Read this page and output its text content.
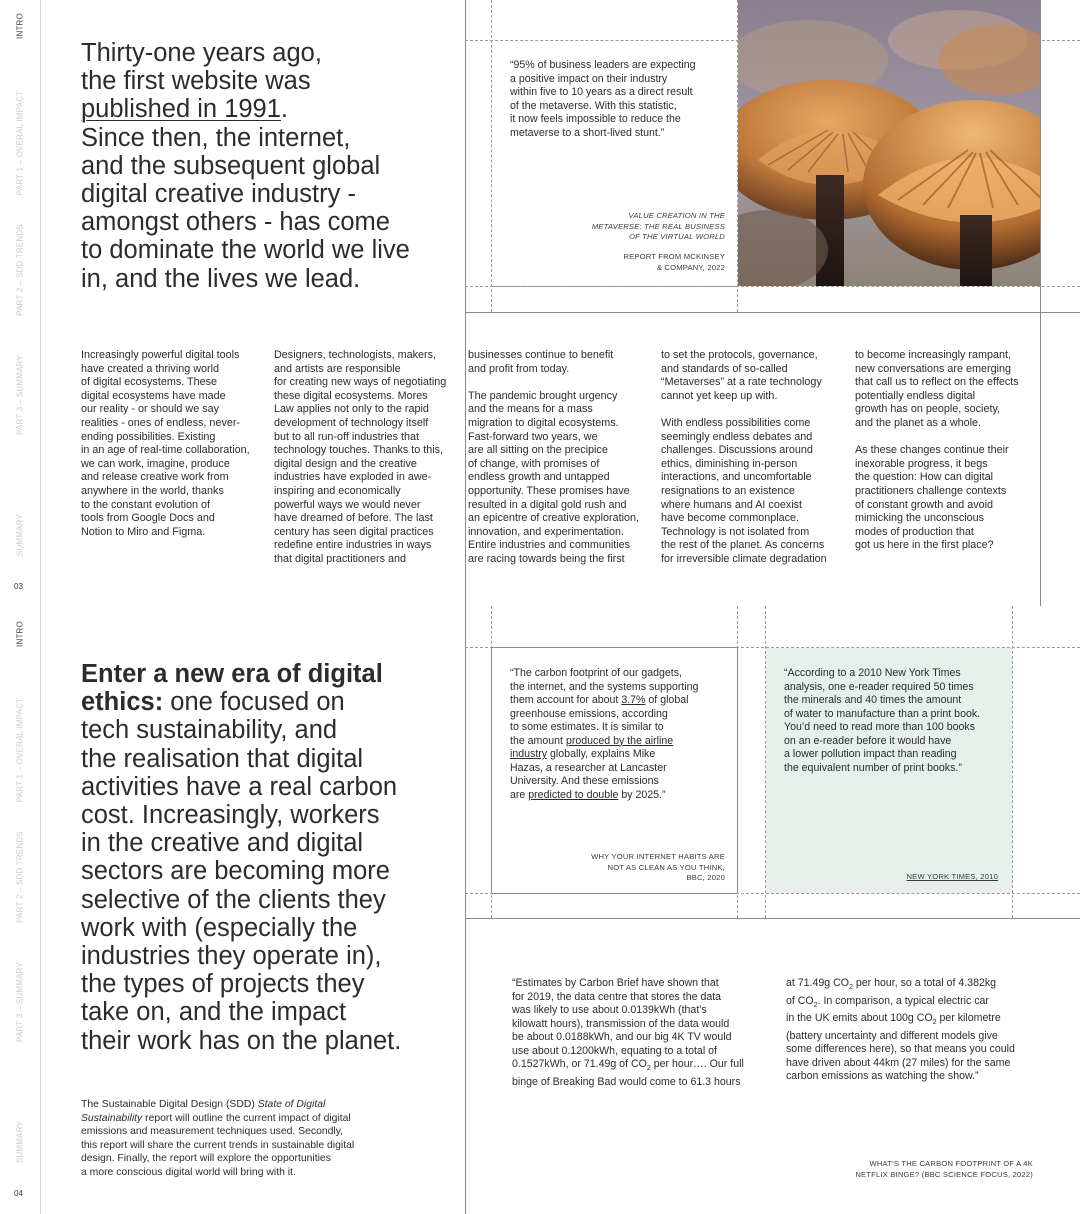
INTRO
PART 1 – OVERAL IMPACT
PART 2 – SDD TRENDS
PART 3 – SUMMARY
SUMMARY
03
INTRO
PART 1 – OVERAL IMPACT
PART 2 – SDD TRENDS
PART 3 – SUMMARY
SUMMARY
04
Thirty-one years ago,
the first website was
published in 1991.
Since then, the internet,
and the subsequent global
digital creative industry -
amongst others - has come
to dominate the world we live
in, and the lives we lead.
“95% of business leaders are expecting
a positive impact on their industry
within five to 10 years as a direct result
of the metaverse. With this statistic,
it now feels impossible to reduce the
metaverse to a short-lived stunt.”
VALUE CREATION IN THE
METAVERSE: THE REAL BUSINESS
OF THE VIRTUAL WORLD
REPORT FROM MCKINSEY
& COMPANY, 2022

Increasingly powerful digital tools
have created a thriving world
of digital ecosystems. These
digital ecosystems have made
our reality - or should we say
realities - ones of endless, never-
ending possibilities. Existing
in an age of real-time collaboration,
we can work, imagine, produce
and release creative work from
anywhere in the world, thanks
to the constant evolution of
tools from Google Docs and
Notion to Miro and Figma.

Designers, technologists, makers,
and artists are responsible
for creating new ways of negotiating
these digital ecosystems. Mores
Law applies not only to the rapid
development of technology itself
but to all run-off industries that
technology touches. Thanks to this,
digital design and the creative
industries have exploded in awe-
inspiring and economically
powerful ways we would never
have dreamed of before. The last
century has seen digital practices
redefine entire industries in ways
that digital practitioners and

businesses continue to benefit
and profit from today.

The pandemic brought urgency
and the means for a mass
migration to digital ecosystems.
Fast-forward two years, we
are all sitting on the precipice
of change, with promises of
endless growth and untapped
opportunity. These promises have
resulted in a digital gold rush and
an epicentre of creative exploration,
innovation, and experimentation.
Entire industries and communities
are racing towards being the first

to set the protocols, governance,
and standards of so-called
“Metaverses” at a rate technology
cannot yet keep up with.

With endless possibilities come
seemingly endless debates and
challenges. Discussions around
ethics, diminishing in-person
interactions, and uncomfortable
resignations to an existence
where humans and AI coexist
have become commonplace.
Technology is not isolated from
the rest of the planet. As concerns
for irreversible climate degradation

to become increasingly rampant,
new conversations are emerging
that call us to reflect on the effects
potentially endless digital
growth has on people, society,
and the planet as a whole.

As these changes continue their
inexorable progress, it begs
the question: How can digital
practitioners challenge contexts
of constant growth and avoid
mimicking the unconscious
modes of production that
got us here in the first place?

Enter a new era of digital
ethics: one focused on
tech sustainability, and
the realisation that digital
activities have a real carbon
cost. Increasingly, workers
in the creative and digital
sectors are becoming more
selective of the clients they
work with (especially the
industries they operate in),
the types of projects they
take on, and the impact
their work has on the planet.
The Sustainable Digital Design (SDD) State of Digital
Sustainability report will outline the current impact of digital
emissions and measurement techniques used. Secondly,
this report will share the current trends in sustainable digital
design. Finally, the report will explore the opportunities
a more conscious digital world will bring with it.
“The carbon footprint of our gadgets,
the internet, and the systems supporting
them account for about 3.7% of global
greenhouse emissions, according
to some estimates. It is similar to
the amount produced by the airline
industry globally, explains Mike
Hazas, a researcher at Lancaster
University. And these emissions
are predicted to double by 2025.”
WHY YOUR INTERNET HABITS ARE
NOT AS CLEAN AS YOU THINK,
BBC, 2020
“According to a 2010 New York Times
analysis, one e-reader required 50 times
the minerals and 40 times the amount
of water to manufacture than a print book.
You’d need to read more than 100 books
on an e-reader before it would have
a lower pollution impact than reading
the equivalent number of print books.”
NEW YORK TIMES, 2010
“Estimates by Carbon Brief have shown that
for 2019, the data centre that stores the data
was likely to use about 0.0139kWh (that’s
kilowatt hours), transmission of the data would
be about 0.0188kWh, and our big 4K TV would
use about 0.1200kWh, equating to a total of
0.1527kWh, or 71.49g of $CO_2$ per hour…. Our full
binge of Breaking Bad would come to 61.3 hours
at 71.49g $CO_2$ per hour, so a total of 4.382kg
of $CO_2$. In comparison, a typical electric car
in the UK emits about 100g $CO_2$ per kilometre
(battery uncertainty and different models give
some differences here), so that means you could
have driven about 44km (27 miles) for the same
carbon emissions as watching the show.”
WHAT’S THE CARBON FOOTPRINT OF A 4K
NETFLIX BINGE? (BBC SCIENCE FOCUS, 2022)
